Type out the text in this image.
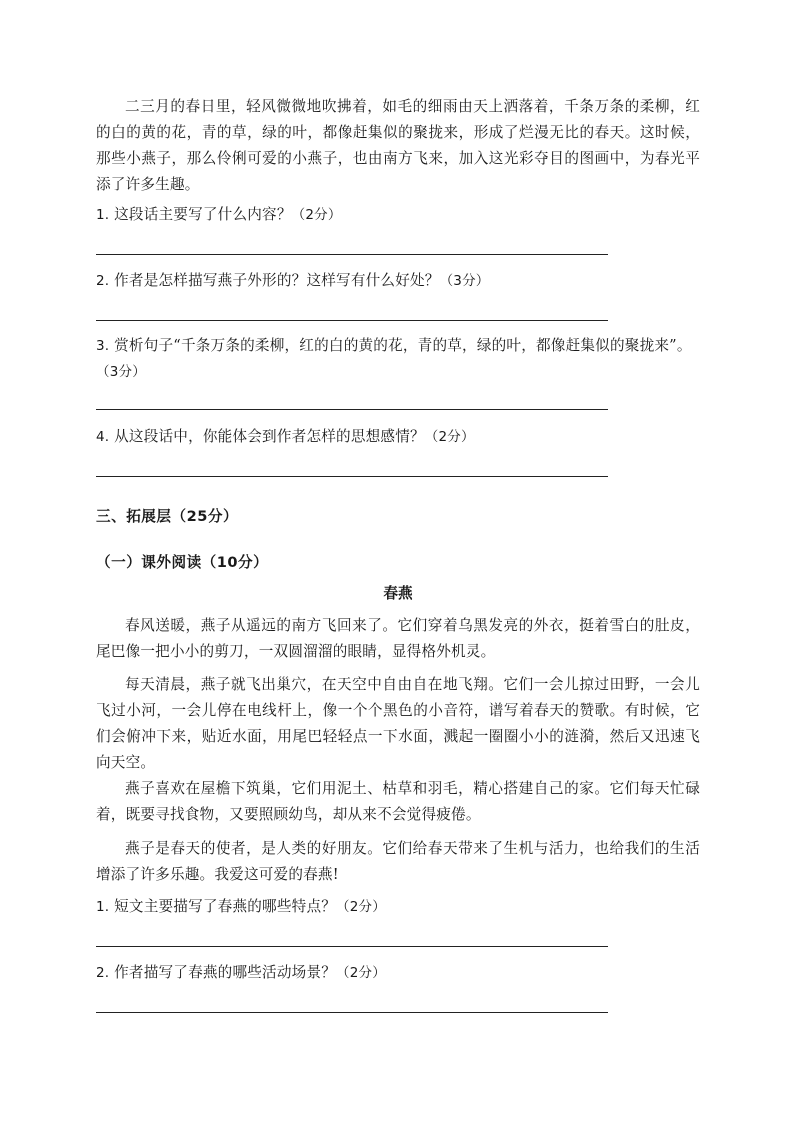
二三月的春日里，轻风微微地吹拂着，如毛的细雨由天上洒落着，千条万条的柔柳，红的白的黄的花，青的草，绿的叶，都像赶集似的聚拢来，形成了烂漫无比的春天。这时候，那些小燕子，那么伶俐可爱的小燕子，也由南方飞来，加入这光彩夺目的图画中，为春光平添了许多生趣。

1. 这段话主要写了什么内容？（2分）

2. 作者是怎样描写燕子外形的？这样写有什么好处？（3分）

3. 赏析句子“千条万条的柔柳，红的白的黄的花，青的草，绿的叶，都像赶集似的聚拢来”。（3分）

4. 从这段话中，你能体会到作者怎样的思想感情？（2分）

三、拓展层（25分）

（一）课外阅读（10分）

春燕

春风送暖，燕子从遥远的南方飞回来了。它们穿着乌黑发亮的外衣，挺着雪白的肚皮，尾巴像一把小小的剪刀，一双圆溜溜的眼睛，显得格外机灵。

每天清晨，燕子就飞出巢穴，在天空中自由自在地飞翔。它们一会儿掠过田野，一会儿飞过小河，一会儿停在电线杆上，像一个个黑色的小音符，谱写着春天的赞歌。有时候，它们会俯冲下来，贴近水面，用尾巴轻轻点一下水面，溅起一圈圈小小的涟漪，然后又迅速飞向天空。

燕子喜欢在屋檐下筑巢，它们用泥土、枯草和羽毛，精心搭建自己的家。它们每天忙碌着，既要寻找食物，又要照顾幼鸟，却从来不会觉得疲倦。

燕子是春天的使者，是人类的好朋友。它们给春天带来了生机与活力，也给我们的生活增添了许多乐趣。我爱这可爱的春燕!

1. 短文主要描写了春燕的哪些特点？（2分）

2. 作者描写了春燕的哪些活动场景？（2分）
